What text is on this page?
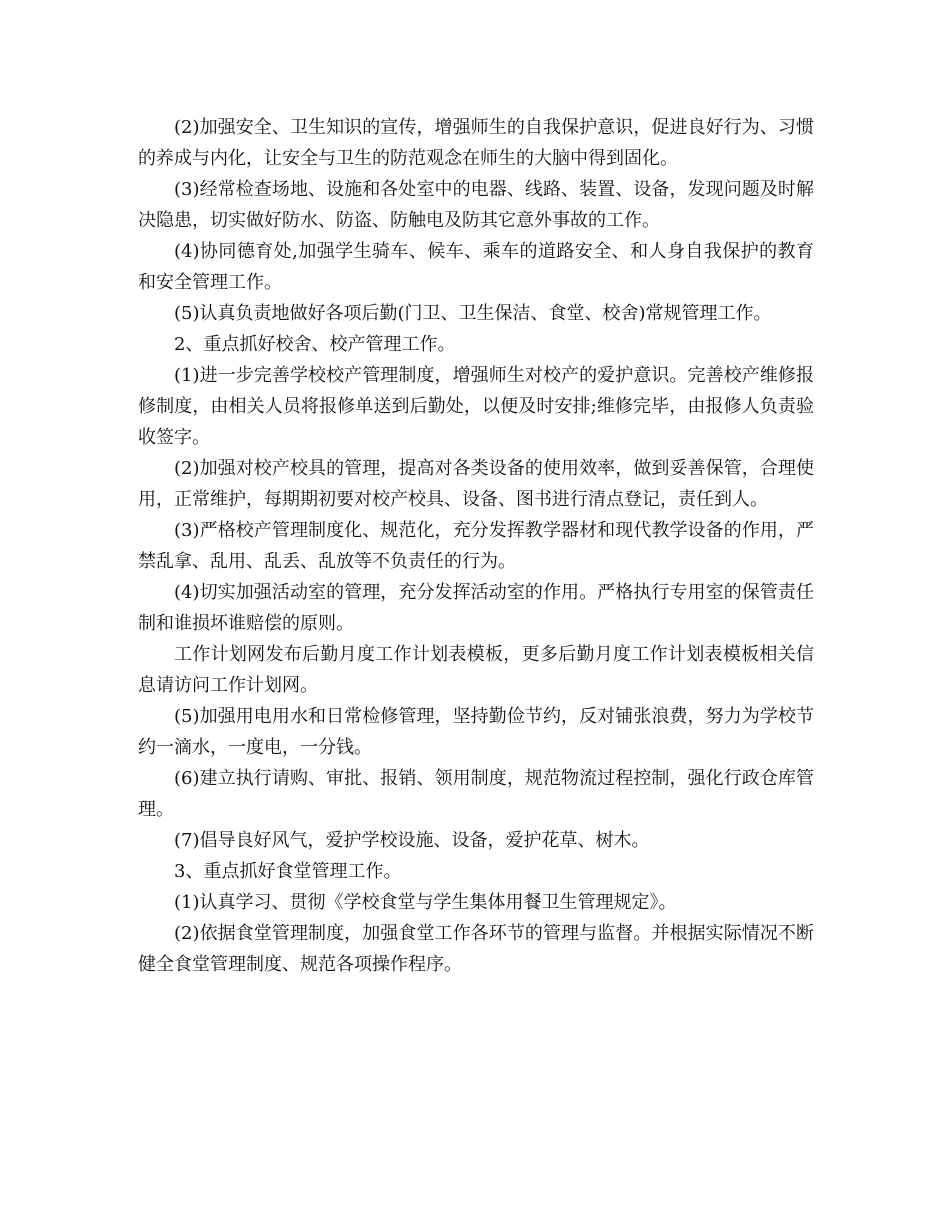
(2)加强安全、卫生知识的宣传，增强师生的自我保护意识，促进良好行为、习惯的养成与内化，让安全与卫生的防范观念在师生的大脑中得到固化。

(3)经常检查场地、设施和各处室中的电器、线路、装置、设备，发现问题及时解决隐患，切实做好防水、防盗、防触电及防其它意外事故的工作。

(4)协同德育处,加强学生骑车、候车、乘车的道路安全、和人身自我保护的教育和安全管理工作。

(5)认真负责地做好各项后勤(门卫、卫生保洁、食堂、校舍)常规管理工作。

2、重点抓好校舍、校产管理工作。

(1)进一步完善学校校产管理制度，增强师生对校产的爱护意识。完善校产维修报修制度，由相关人员将报修单送到后勤处，以便及时安排;维修完毕，由报修人负责验收签字。

(2)加强对校产校具的管理，提高对各类设备的使用效率，做到妥善保管，合理使用，正常维护，每期期初要对校产校具、设备、图书进行清点登记，责任到人。

(3)严格校产管理制度化、规范化，充分发挥教学器材和现代教学设备的作用，严禁乱拿、乱用、乱丢、乱放等不负责任的行为。

(4)切实加强活动室的管理，充分发挥活动室的作用。严格执行专用室的保管责任制和谁损坏谁赔偿的原则。

工作计划网发布后勤月度工作计划表模板，更多后勤月度工作计划表模板相关信息请访问工作计划网。

(5)加强用电用水和日常检修管理，坚持勤俭节约，反对铺张浪费，努力为学校节约一滴水，一度电，一分钱。

(6)建立执行请购、审批、报销、领用制度，规范物流过程控制，强化行政仓库管理。

(7)倡导良好风气，爱护学校设施、设备，爱护花草、树木。

3、重点抓好食堂管理工作。

(1)认真学习、贯彻《学校食堂与学生集体用餐卫生管理规定》。

(2)依据食堂管理制度，加强食堂工作各环节的管理与监督。并根据实际情况不断健全食堂管理制度、规范各项操作程序。
